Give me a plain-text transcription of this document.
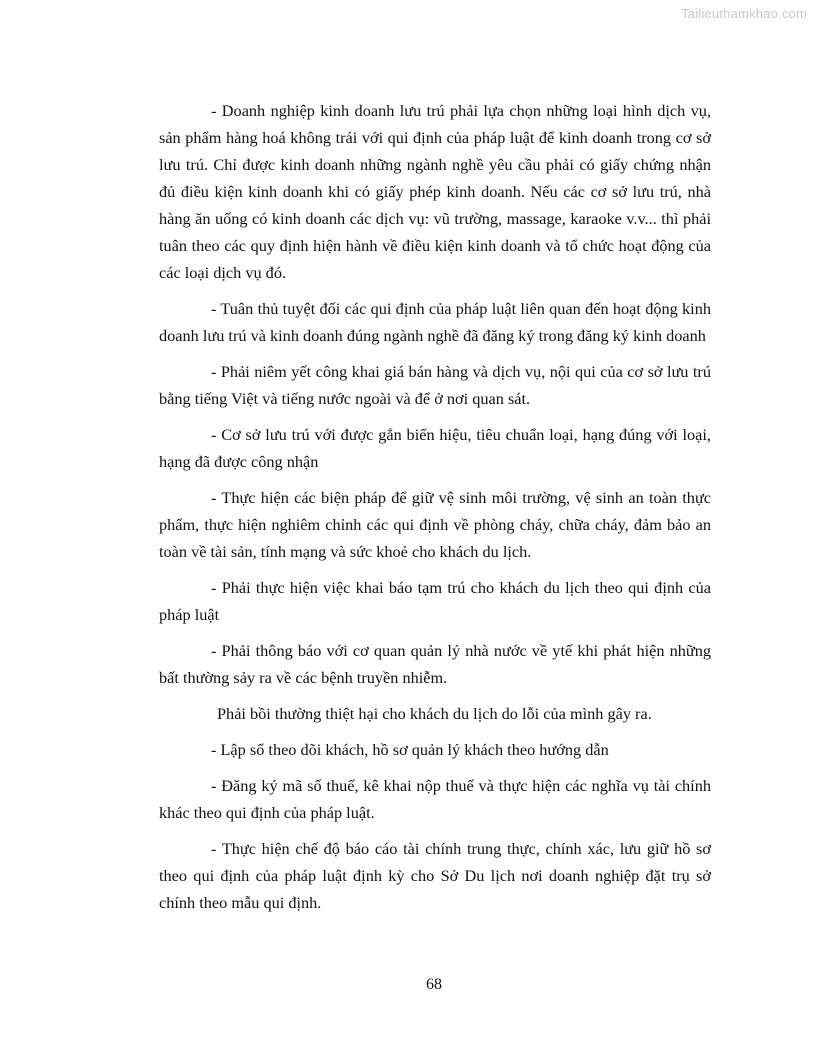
Tailieuthamkhao.com

- Doanh nghiệp kinh doanh lưu trú phải lựa chọn những loại hình dịch vụ, sản phẩm hàng hoá không trái với qui định của pháp luật để kinh doanh trong cơ sở lưu trú. Chỉ được kinh doanh những ngành nghề yêu cầu phải có giấy chứng nhận đủ điều kiện kinh doanh khi có giấy phép kinh doanh. Nếu các cơ sở lưu trú, nhà hàng ăn uống có kinh doanh các dịch vụ: vũ trường, massage, karaoke v.v... thì phải tuân theo các quy định hiện hành về điều kiện kinh doanh và tổ chức hoạt động của các loại dịch vụ đó.

- Tuân thủ tuyệt đối các qui định của pháp luật liên quan đến hoạt động kinh doanh lưu trú và kinh doanh đúng ngành nghề đã đăng ký trong đăng ký kinh doanh

- Phải niêm yết công khai giá bán hàng và dịch vụ, nội qui của cơ sở lưu trú bằng tiếng Việt và tiếng nước ngoài và để ở nơi quan sát.

- Cơ sở lưu trú với được gắn biển hiệu, tiêu chuẩn loại, hạng đúng với loại, hạng đã được công nhận

- Thực hiện các biện pháp để giữ vệ sinh môi trường, vệ sinh an toàn thực phẩm, thực hiện nghiêm chỉnh các qui định về phòng cháy, chữa cháy, đảm bảo an toàn về tài sản, tính mạng và sức khoẻ cho khách du lịch.

- Phải thực hiện việc khai báo tạm trú cho khách du lịch theo qui định của pháp luật

- Phải thông báo với cơ quan quản lý nhà nước về ytế khi phát hiện những bất thường sảy ra về các bệnh truyền nhiễm.

Phải bồi thường thiệt hại cho khách du lịch do lỗi của mình gây ra.

- Lập sổ theo dõi khách, hồ sơ quản lý khách theo hướng dẫn

- Đăng ký mã số thuế, kê khai nộp thuế và thực hiện các nghĩa vụ tài chính khác theo qui định của pháp luật.

- Thực hiện chế độ báo cáo tài chính trung thực, chính xác, lưu giữ hồ sơ theo qui định của pháp luật định kỳ cho Sở Du lịch nơi doanh nghiệp đặt trụ sở chính theo mẫu qui định.

68
